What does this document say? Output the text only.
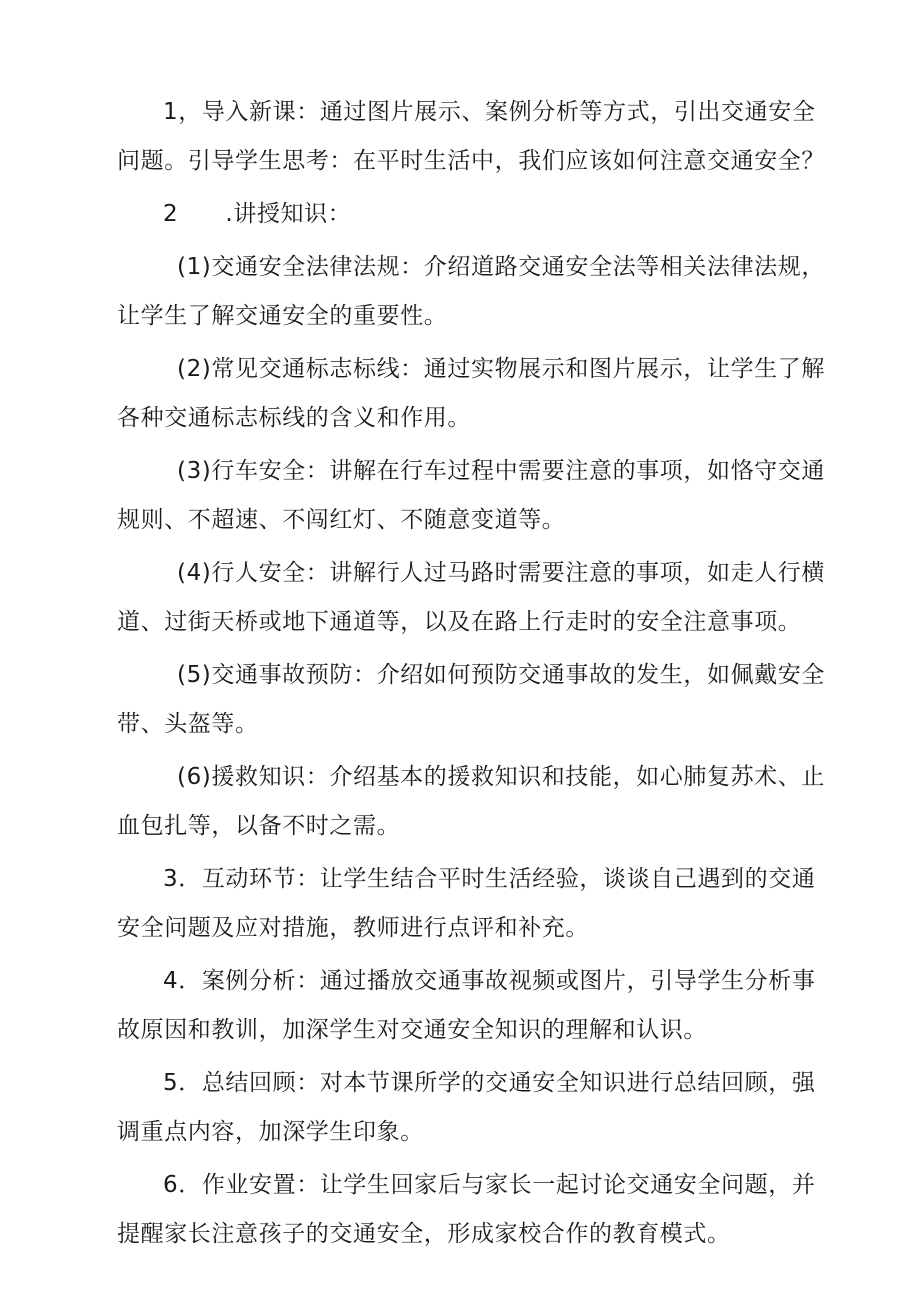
1，导入新课：通过图片展示、案例分析等方式，引出交通安全问题。引导学生思考：在平时生活中，我们应该如何注意交通安全？

2　　.讲授知识：

(1)交通安全法律法规：介绍道路交通安全法等相关法律法规，让学生了解交通安全的重要性。

(2)常见交通标志标线：通过实物展示和图片展示，让学生了解各种交通标志标线的含义和作用。

(3)行车安全：讲解在行车过程中需要注意的事项，如恪守交通规则、不超速、不闯红灯、不随意变道等。

(4)行人安全：讲解行人过马路时需要注意的事项，如走人行横道、过街天桥或地下通道等，以及在路上行走时的安全注意事项。

(5)交通事故预防：介绍如何预防交通事故的发生，如佩戴安全带、头盔等。

(6)援救知识：介绍基本的援救知识和技能，如心肺复苏术、止血包扎等，以备不时之需。

3．互动环节：让学生结合平时生活经验，谈谈自己遇到的交通安全问题及应对措施，教师进行点评和补充。

4．案例分析：通过播放交通事故视频或图片，引导学生分析事故原因和教训，加深学生对交通安全知识的理解和认识。

5．总结回顾：对本节课所学的交通安全知识进行总结回顾，强调重点内容，加深学生印象。

6．作业安置：让学生回家后与家长一起讨论交通安全问题，并提醒家长注意孩子的交通安全，形成家校合作的教育模式。
